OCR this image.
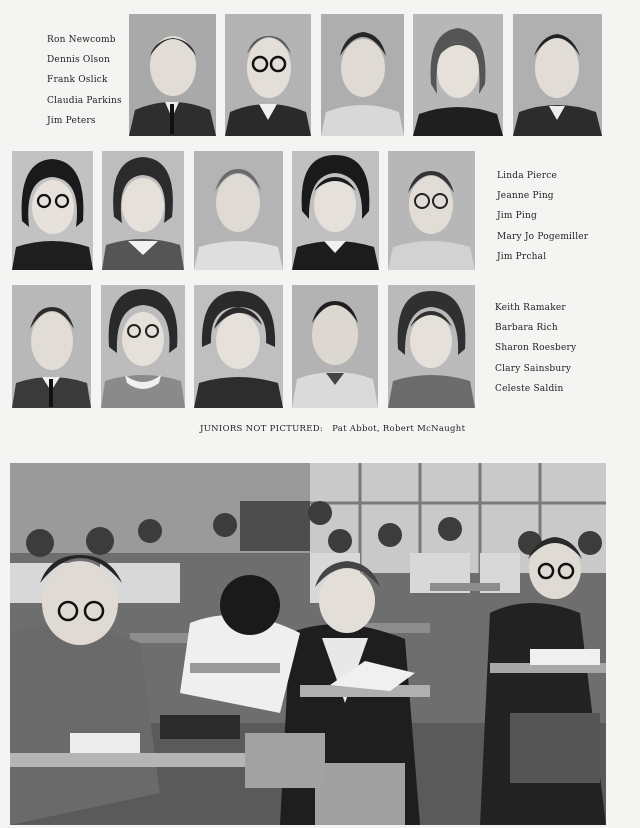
Ron Newcomb
Dennis Olson
Frank Oslick
Claudia Parkins
Jim Peters
Linda Pierce
Jeanne Ping
Jim Ping
Mary Jo Pogemiller
Jim Prchal
Keith Ramaker
Barbara Rich
Sharon Roesbery
Clary Sainsbury
Celeste Saldin
JUNIORS NOT PICTURED: Pat Abbot, Robert McNaught
